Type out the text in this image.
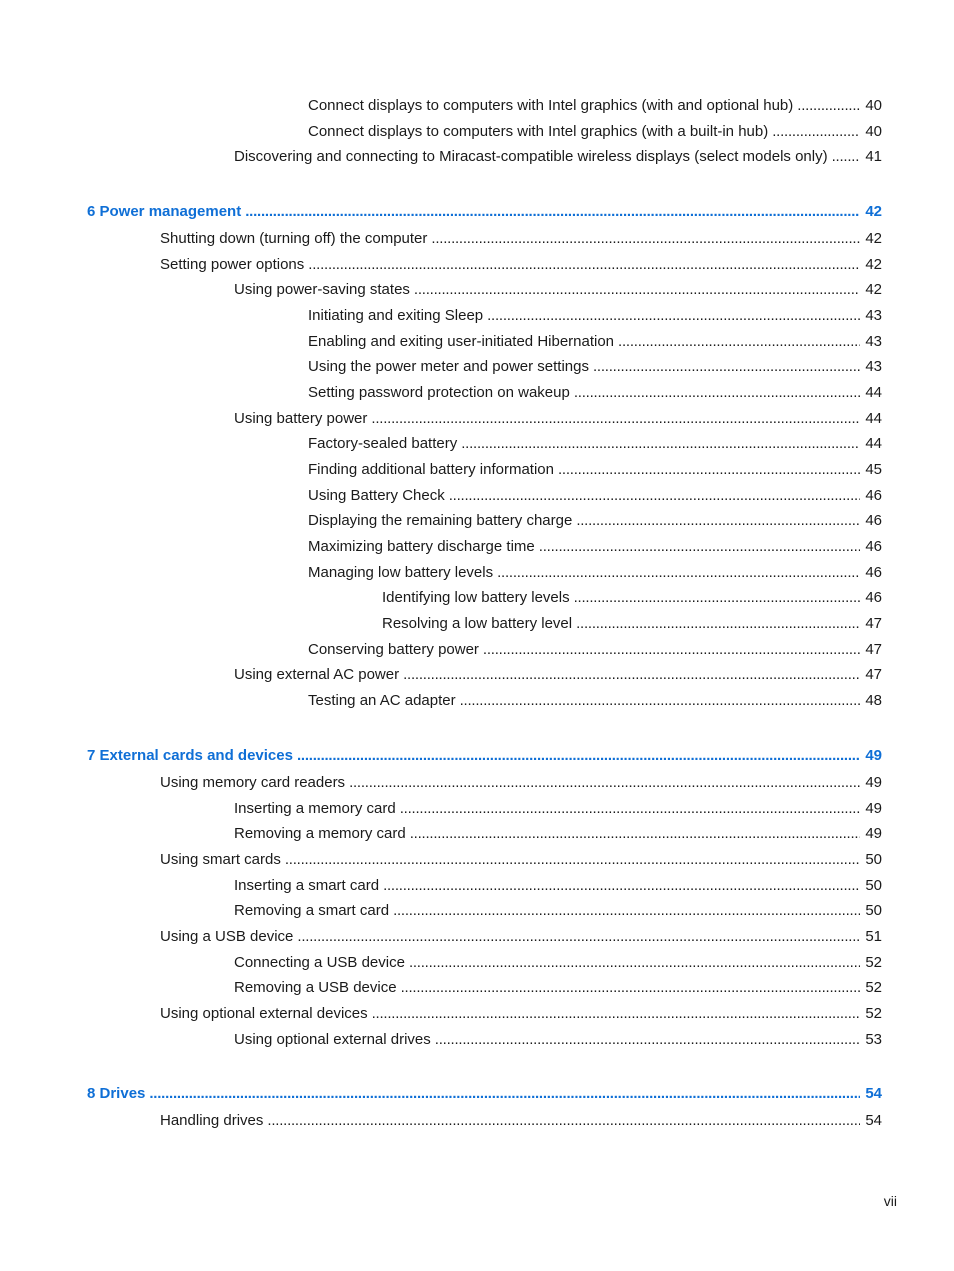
Connect displays to computers with Intel graphics (with and optional hub) . . .	40
Connect displays to computers with Intel graphics (with a built-in hub) . . .	40
Discovering and connecting to Miracast-compatible wireless displays (select models only) . . .	41
6 Power management . . .	42
Shutting down (turning off) the computer . . .	42
Setting power options . . .	42
Using power-saving states . . .	42
Initiating and exiting Sleep . . .	43
Enabling and exiting user-initiated Hibernation . . .	43
Using the power meter and power settings . . .	43
Setting password protection on wakeup . . .	44
Using battery power . . .	44
Factory-sealed battery . . .	44
Finding additional battery information . . .	45
Using Battery Check . . .	46
Displaying the remaining battery charge . . .	46
Maximizing battery discharge time . . .	46
Managing low battery levels . . .	46
Identifying low battery levels . . .	46
Resolving a low battery level . . .	47
Conserving battery power . . .	47
Using external AC power . . .	47
Testing an AC adapter . . .	48
7 External cards and devices . . .	49
Using memory card readers . . .	49
Inserting a memory card . . .	49
Removing a memory card . . .	49
Using smart cards . . .	50
Inserting a smart card . . .	50
Removing a smart card . . .	50
Using a USB device . . .	51
Connecting a USB device . . .	52
Removing a USB device . . .	52
Using optional external devices . . .	52
Using optional external drives . . .	53
8 Drives . . .	54
Handling drives . . .	54
vii
